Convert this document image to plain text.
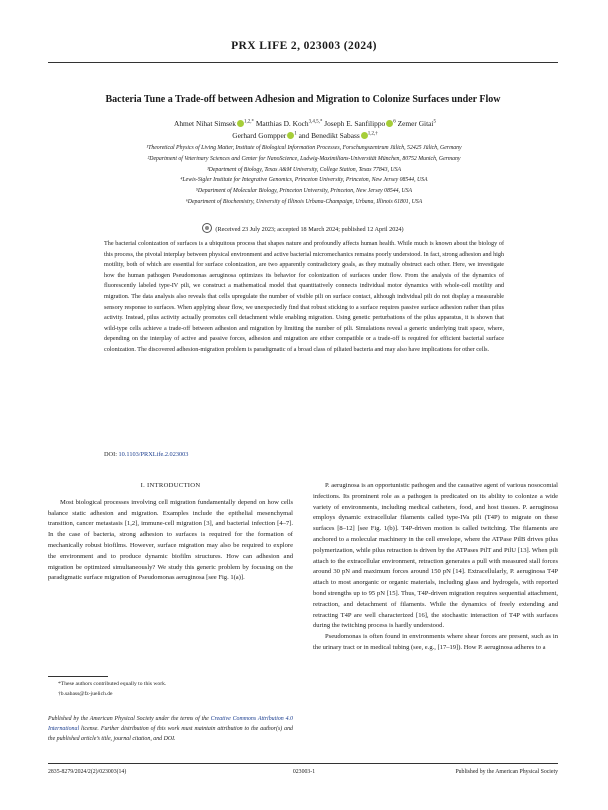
PRX LIFE 2, 023003 (2024)
Bacteria Tune a Trade-off between Adhesion and Migration to Colonize Surfaces under Flow
Ahmet Nihat Simsek $^{1,2,*}$ Matthias D. Koch$^{3,4,5,*}$ Joseph E. Sanfilippo $^6$ Zemer Gitai$^5$
Gerhard Gompper $^1$ and Benedikt Sabass $^{1,2,\dagger}$
¹Theoretical Physics of Living Matter, Institute of Biological Information Processes, Forschungszentrum Jülich, 52425 Jülich, Germany
²Department of Veterinary Sciences and Center for NanoScience, Ludwig-Maximilians-Universität München, 80752 Munich, Germany
³Department of Biology, Texas A&M University, College Station, Texas 77843, USA
⁴Lewis-Sigler Institute for Integrative Genomics, Princeton University, Princeton, New Jersey 08544, USA
⁵Department of Molecular Biology, Princeton University, Princeton, New Jersey 08544, USA
⁶Department of Biochemistry, University of Illinois Urbana-Champaign, Urbana, Illinois 61801, USA
(Received 23 July 2023; accepted 18 March 2024; published 12 April 2024)
The bacterial colonization of surfaces is a ubiquitous process that shapes nature and profoundly affects human health. While much is known about the biology of this process, the pivotal interplay between physical environment and active bacterial micromechanics remains poorly understood. In fact, strong adhesion and high motility, both of which are essential for surface colonization, are two apparently contradictory goals, as they mutually obstruct each other. Here, we investigate how the human pathogen Pseudomonas aeruginosa optimizes its behavior for colonization of surfaces under flow. From the analysis of the dynamics of fluorescently labeled type-IV pili, we construct a mathematical model that quantitatively connects individual motor dynamics with whole-cell motility and migration. The data analysis also reveals that cells upregulate the number of visible pili on surface contact, although individual pili do not display a measurable sensory response to surfaces. When applying shear flow, we unexpectedly find that robust sticking to a surface requires passive surface adhesion rather than pilus activity. Instead, pilus activity actually promotes cell detachment while enabling migration. Using genetic perturbations of the pilus apparatus, it is shown that wild-type cells achieve a trade-off between adhesion and migration by limiting the number of pili. Simulations reveal a generic underlying trait space, where, depending on the interplay of active and passive forces, adhesion and migration are either compatible or a trade-off is required for efficient bacterial surface colonization. The discovered adhesion-migration problem is paradigmatic of a broad class of piliated bacteria and may also have implications for other cells.
DOI: 10.1103/PRXLife.2.023003
I. INTRODUCTION

Most biological processes involving cell migration fundamentally depend on how cells balance static adhesion and migration. Examples include the epithelial mesenchymal transition, cancer metastasis [1,2], immune-cell migration [3], and bacterial infection [4–7]. In the case of bacteria, strong adhesion to surfaces is required for the formation of mechanically robust biofilms. However, surface migration may also be required to explore the environment and to produce dynamic biofilm structures. How can adhesion and migration be optimized simultaneously? We study this generic problem by focusing on the paradigmatic surface migration of Pseudomonas aeruginosa [see Fig. 1(a)].

P. aeruginosa is an opportunistic pathogen and the causative agent of various nosocomial infections. Its prominent role as a pathogen is predicated on its ability to colonize a wide variety of environments, including medical catheters, food, and host tissues. P. aeruginosa employs dynamic extracellular filaments called type-IVa pili (T4P) to migrate on these surfaces [8–12] [see Fig. 1(b)]. T4P-driven motion is called twitching. The filaments are anchored to a molecular machinery in the cell envelope, where the ATPase PilB drives pilus polymerization, while pilus retraction is driven by the ATPases PilT and PilU [13]. When pili attach to the extracellular environment, retraction generates a pull with measured stall forces around 30 pN and maximum forces around 150 pN [14]. Extracellularly, P. aeruginosa T4P attach to most anorganic or organic materials, including glass and hydrogels, with reported bond strengths up to 95 pN [15]. Thus, T4P-driven migration requires sequential attachment, retraction, and detachment of filaments. While the dynamics of freely extending and retracting T4P are well characterized [16], the stochastic interaction of T4P with surfaces during the twitching process is hardly understood.

Pseudomonas is often found in environments where shear forces are present, such as in the urinary tract or in medical tubing (see, e.g., [17–19]). How P. aeruginosa adheres to a

*These authors contributed equally to this work.
†b.sabass@fz-juelich.de
Published by the American Physical Society under the terms of the Creative Commons Attribution 4.0 International license. Further distribution of this work must maintain attribution to the author(s) and the published article’s title, journal citation, and DOI.
2835-8279/2024/2(2)/023003(14)	023003-1	Published by the American Physical Society
